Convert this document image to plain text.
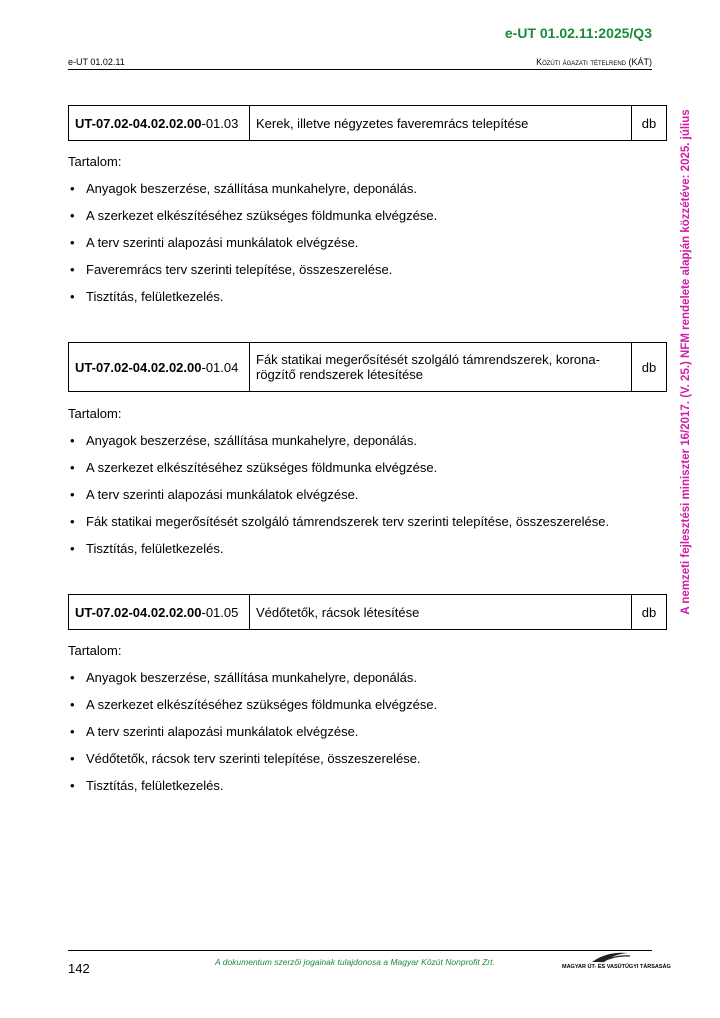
e-UT 01.02.11:2025/Q3
e-UT 01.02.11	Közúti ágazati tételrend (KÁT)
A nemzeti fejlesztési miniszter 16/2017. (V. 25.) NFM rendelete alapján közzétéve: 2025. július
UT-07.02-04.02.02.00-01.03	Kerek, illetve négyzetes faveremrács telepítése	db
Tartalom:
• Anyagok beszerzése, szállítása munkahelyre, deponálás.
• A szerkezet elkészítéséhez szükséges földmunka elvégzése.
• A terv szerinti alapozási munkálatok elvégzése.
• Faveremrács terv szerinti telepítése, összeszerelése.
• Tisztítás, felületkezelés.
UT-07.02-04.02.02.00-01.04	Fák statikai megerősítését szolgáló támrendszerek, korona-
rögzítő rendszerek létesítése	db
Tartalom:
• Anyagok beszerzése, szállítása munkahelyre, deponálás.
• A szerkezet elkészítéséhez szükséges földmunka elvégzése.
• A terv szerinti alapozási munkálatok elvégzése.
• Fák statikai megerősítését szolgáló támrendszerek terv szerinti telepítése, összeszerelése.
• Tisztítás, felületkezelés.
UT-07.02-04.02.02.00-01.05	Védőtetők, rácsok létesítése	db
Tartalom:
• Anyagok beszerzése, szállítása munkahelyre, deponálás.
• A szerkezet elkészítéséhez szükséges földmunka elvégzése.
• A terv szerinti alapozási munkálatok elvégzése.
• Védőtetők, rácsok terv szerinti telepítése, összeszerelése.
• Tisztítás, felületkezelés.
142	A dokumentum szerzői jogainak tulajdonosa a Magyar Közút Nonprofit Zrt.	MAGYAR ÚT- ÉS VASÚTÜGYI TÁRSASÁG
